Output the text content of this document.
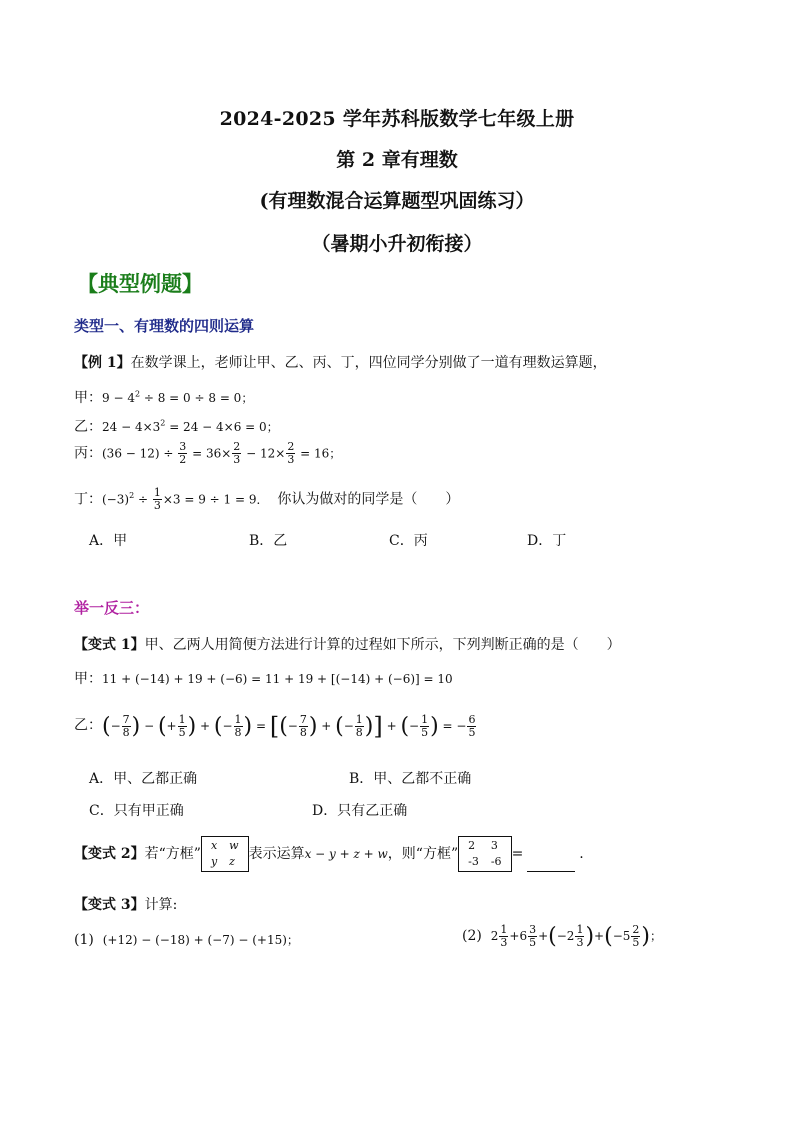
2024-2025 学年苏科版数学七年级上册
第 2 章有理数
(有理数混合运算题型巩固练习）
（暑期小升初衔接）
【典型例题】
类型一、有理数的四则运算
【例 1】在数学课上，老师让甲、乙、丙、丁，四位同学分别做了一道有理数运算题，
甲：$9 - 4^2 \div 8 = 0 \div 8 = 0$；
乙：$24 - 4\times 3^2 = 24 - 4\times 6 = 0$；
丙：$(36 - 12) \div \frac{3}{2} = 36\times \frac{2}{3} - 12\times \frac{2}{3} = 16$；
丁：$(-3)^2 \div \frac{1}{3} \times 3 = 9 \div 1 = 9$． 你认为做对的同学是（　　）
A．甲	B．乙	C．丙	D．丁
举一反三：
【变式 1】甲、乙两人用简便方法进行计算的过程如下所示，下列判断正确的是（　　）
甲：11 + (−14) + 19 + (−6) = 11 + 19 + [(−14) + (−6)] = 10
乙：(− $\frac{7}{8}$ ) − (+ $\frac{1}{5}$ ) + (− $\frac{1}{8}$ ) = [(− $\frac{7}{8}$ ) + (− $\frac{1}{8}$ )] + (− $\frac{1}{5}$ ) = − $\frac{6}{5}$
A．甲、乙都正确	B．甲、乙都不正确
C．只有甲正确	D．只有乙正确
【变式 2】若“方框”
x	w
y	z 表示运算x − y + z + w，则“方框”
2	3
-3	-6 =	.
【变式 3】计算:
(1) (+12) − (−18) + (−7) − (+15)；	(2) $2 \frac{1}{3} +6 \frac{3}{5} +(-2 \frac{1}{3} )+(-5 \frac{2}{5}$ )；
